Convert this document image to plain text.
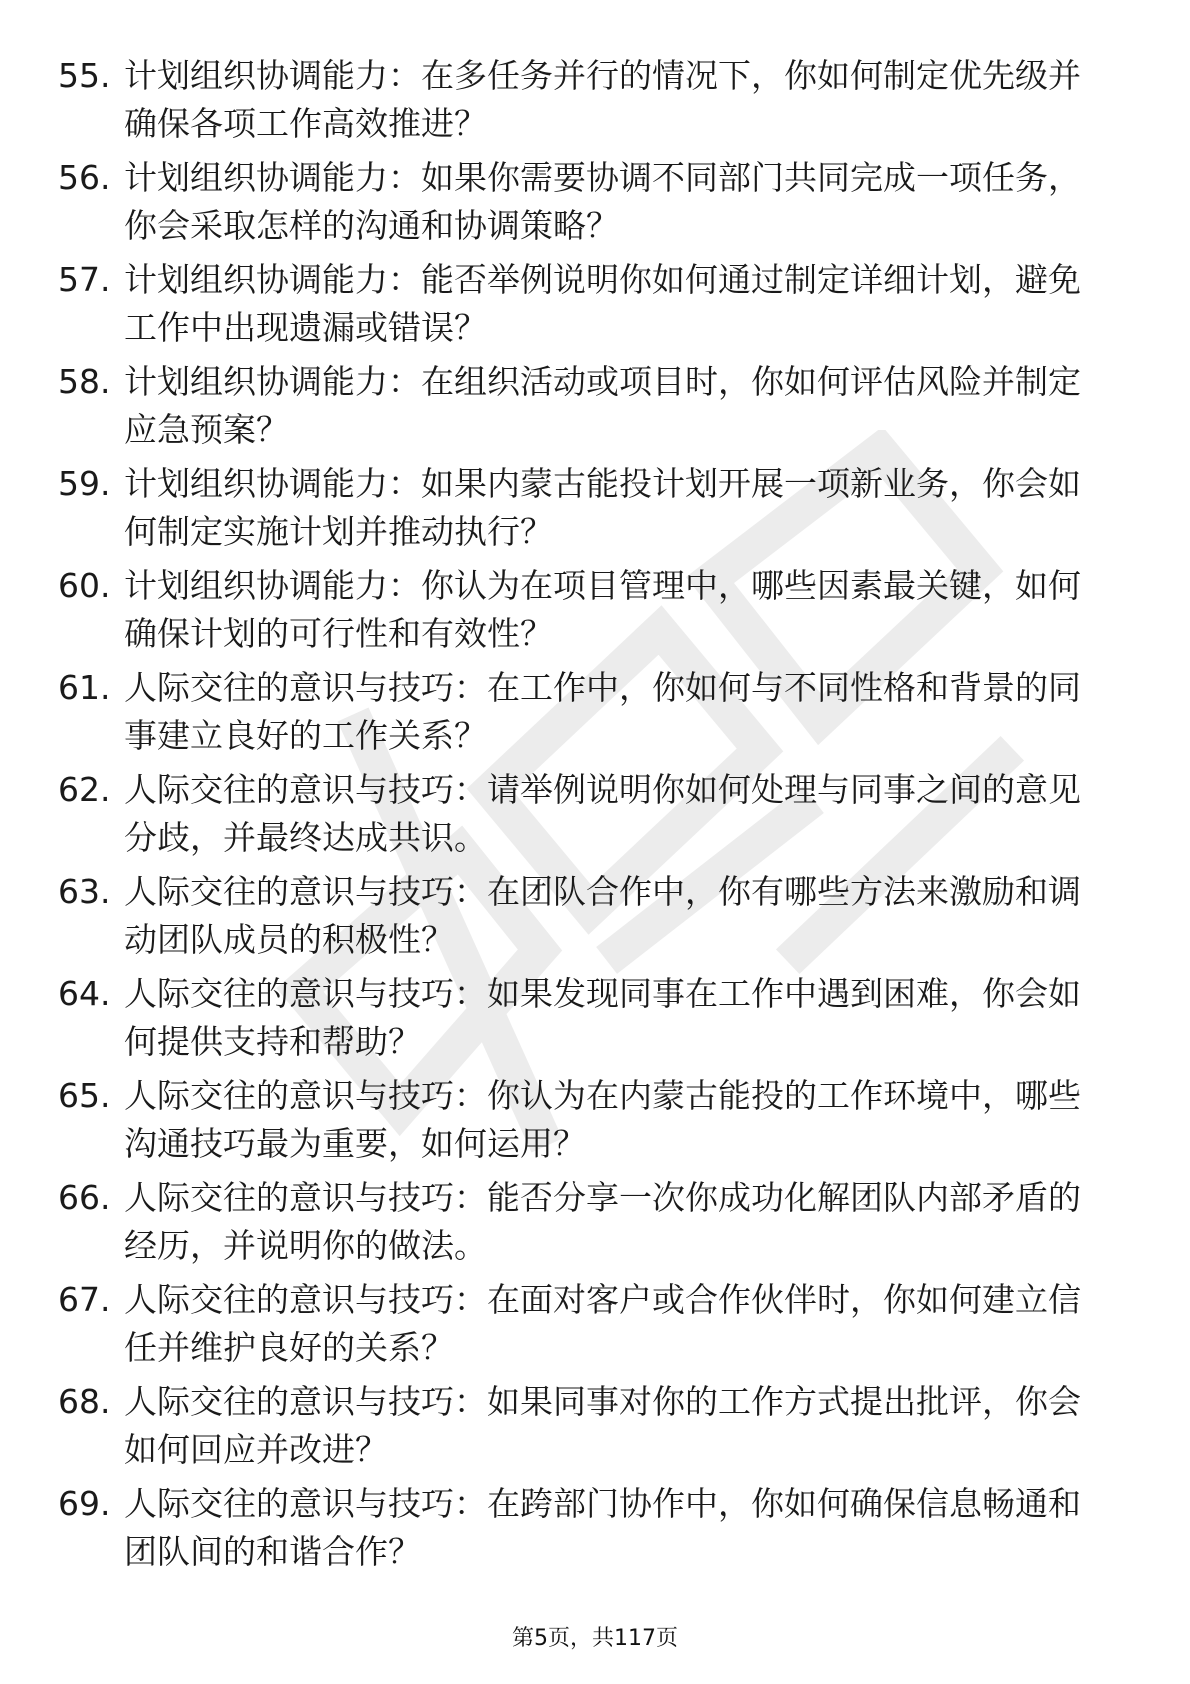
55. 计划组织协调能力：在多任务并行的情况下，你如何制定优先级并确保各项工作高效推进？
56. 计划组织协调能力：如果你需要协调不同部门共同完成一项任务，你会采取怎样的沟通和协调策略？
57. 计划组织协调能力：能否举例说明你如何通过制定详细计划，避免工作中出现遗漏或错误？
58. 计划组织协调能力：在组织活动或项目时，你如何评估风险并制定应急预案？
59. 计划组织协调能力：如果内蒙古能投计划开展一项新业务，你会如何制定实施计划并推动执行？
60. 计划组织协调能力：你认为在项目管理中，哪些因素最关键，如何确保计划的可行性和有效性？
61. 人际交往的意识与技巧：在工作中，你如何与不同性格和背景的同事建立良好的工作关系？
62. 人际交往的意识与技巧：请举例说明你如何处理与同事之间的意见分歧，并最终达成共识。
63. 人际交往的意识与技巧：在团队合作中，你有哪些方法来激励和调动团队成员的积极性？
64. 人际交往的意识与技巧：如果发现同事在工作中遇到困难，你会如何提供支持和帮助？
65. 人际交往的意识与技巧：你认为在内蒙古能投的工作环境中，哪些沟通技巧最为重要，如何运用？
66. 人际交往的意识与技巧：能否分享一次你成功化解团队内部矛盾的经历，并说明你的做法。
67. 人际交往的意识与技巧：在面对客户或合作伙伴时，你如何建立信任并维护良好的关系？
68. 人际交往的意识与技巧：如果同事对你的工作方式提出批评，你会如何回应并改进？
69. 人际交往的意识与技巧：在跨部门协作中，你如何确保信息畅通和团队间的和谐合作？
第5页，共117页
